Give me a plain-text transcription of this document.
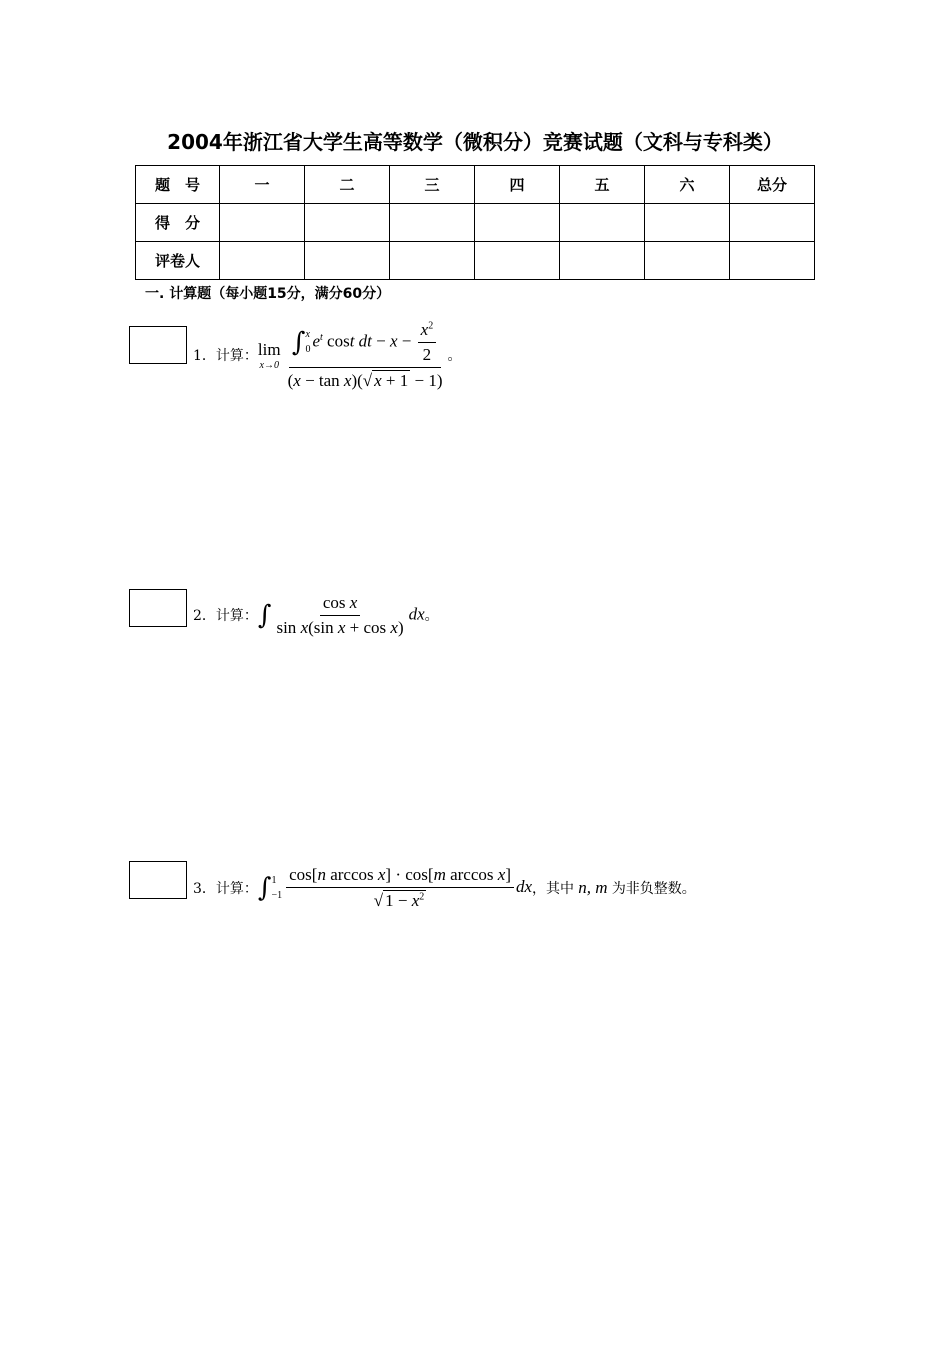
2004年浙江省大学生高等数学（微积分）竞赛试题（文科与专科类）
题　号	一	二	三	四	五	六	总分
得　分							
评卷人							
一. 计算题（每小题15分，满分60分）
1．计算： lim
x→0 ∫ x
0 $e^t$ cost dt − $x - \frac{x^2}{2}$
(x − tan x)(√ x + 1 − 1) 。
2．计算： ∫ $\frac{\text{cos x}}{\text{sin x(sin x + cos x)}}$ dx 。
3．计算： ∫ 1
$-1 \frac{\text{cos[n arccos x] · cos[m arccos x]}}{√ 1 - x^2}$ dx ，其中 n, m 为非负整数。
